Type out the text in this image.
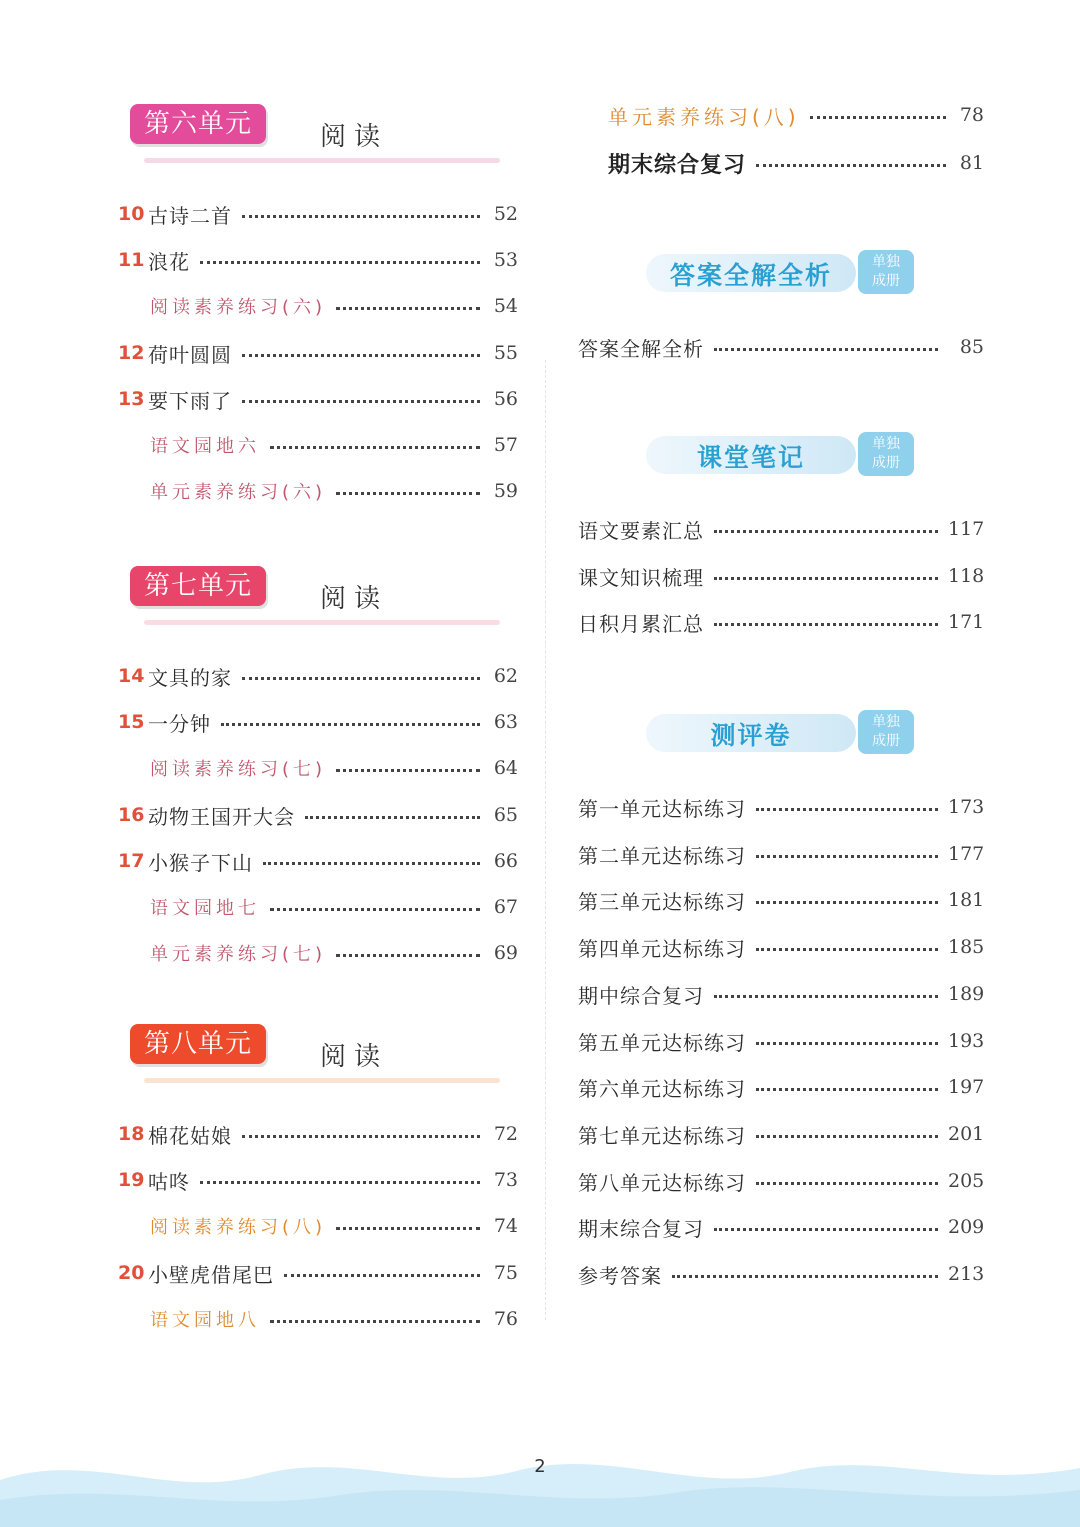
第六单元	阅读
10 古诗二首	52
11 浪花	53
阅读素养练习(六)	54
12 荷叶圆圆	55
13 要下雨了	56
语文园地六	57
单元素养练习(六)	59
第七单元	阅读
14 文具的家	62
15 一分钟	63
阅读素养练习(七)	64
16 动物王国开大会	65
17 小猴子下山	66
语文园地七	67
单元素养练习(七)	69
第八单元	阅读
18 棉花姑娘	72
19 咕咚	73
阅读素养练习(八)	74
20 小壁虎借尾巴	75
语文园地八	76
单元素养练习(八)	78
期末综合复习	81
答案全解全析	单独
成册
答案全解全析	85
课堂笔记	单独
成册
语文要素汇总	117
课文知识梳理	118
日积月累汇总	171
测评卷	单独
成册
第一单元达标练习	173
第二单元达标练习	177
第三单元达标练习	181
第四单元达标练习	185
期中综合复习	189
第五单元达标练习	193
第六单元达标练习	197
第七单元达标练习	201
第八单元达标练习	205
期末综合复习	209
参考答案	213
2
